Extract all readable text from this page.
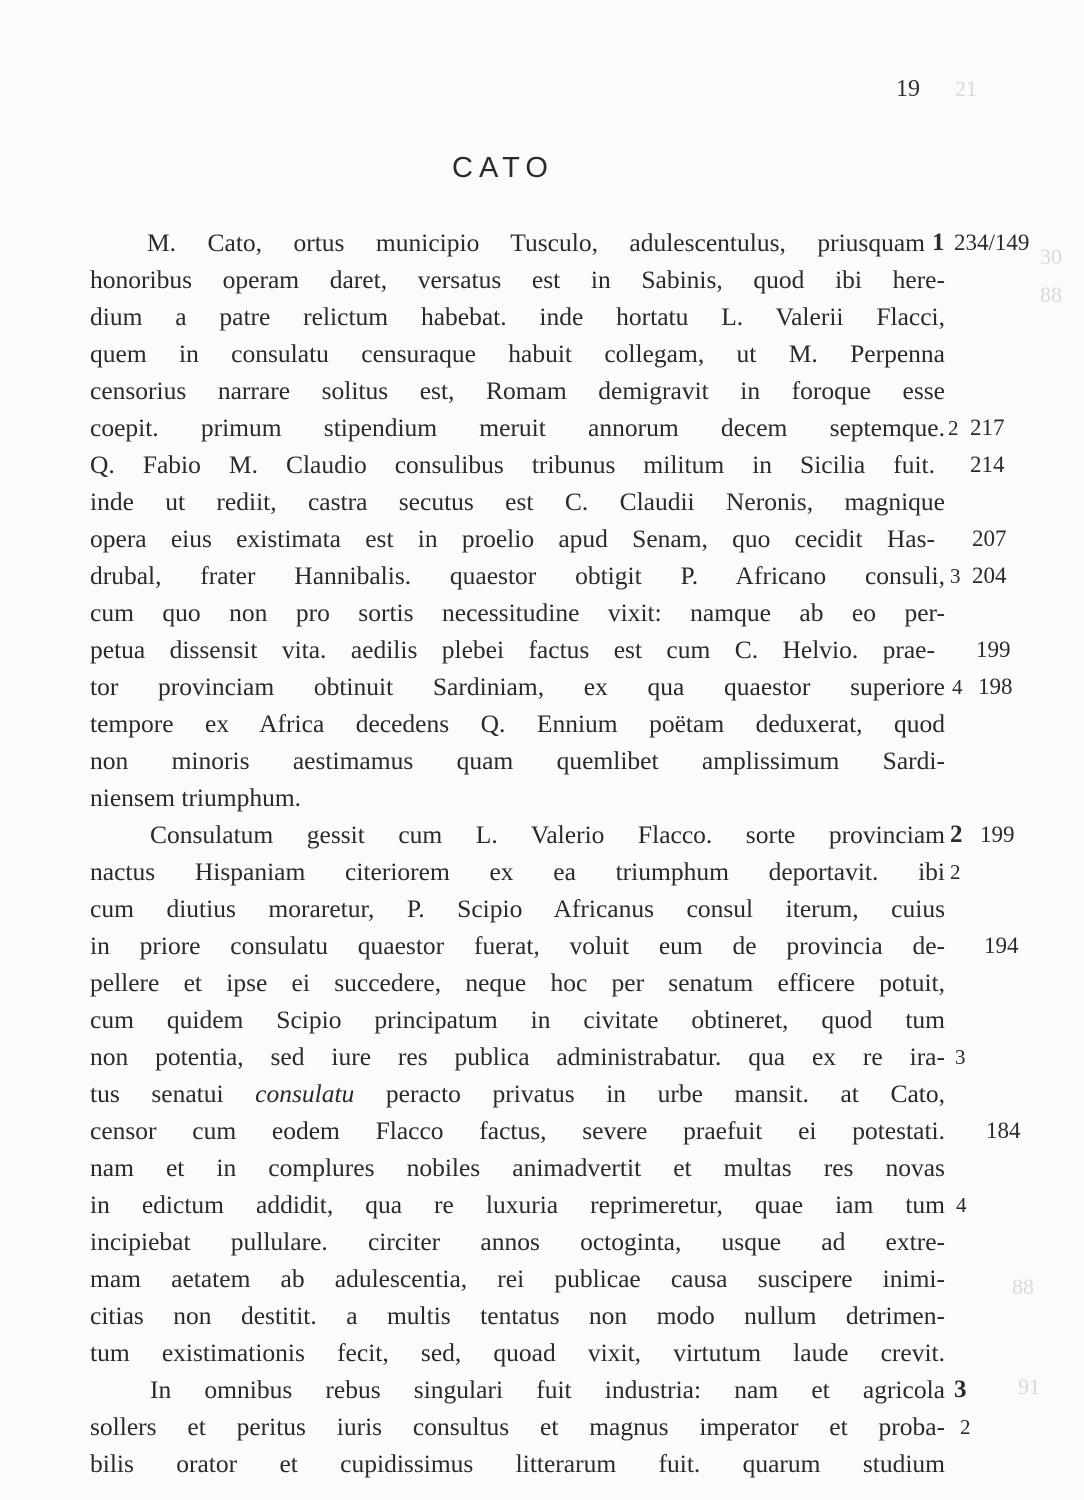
21
30
88
88
91
19
CATO
M. Cato, ortus municipio Tusculo, adulescentulus, priusquam
honoribus operam daret, versatus est in Sabinis, quod ibi here-
dium a patre relictum habebat. inde hortatu L. Valerii Flacci,
quem in consulatu censuraque habuit collegam, ut M. Perpenna
censorius narrare solitus est, Romam demigravit in foroque esse
coepit. primum stipendium meruit annorum decem septemque.
Q. Fabio M. Claudio consulibus tribunus militum in Sicilia fuit.
inde ut rediit, castra secutus est C. Claudii Neronis, magnique
opera eius existimata est in proelio apud Senam, quo cecidit Has-
drubal, frater Hannibalis. quaestor obtigit P. Africano consuli,
cum quo non pro sortis necessitudine vixit: namque ab eo per-
petua dissensit vita. aedilis plebei factus est cum C. Helvio. prae-
tor provinciam obtinuit Sardiniam, ex qua quaestor superiore
tempore ex Africa decedens Q. Ennium poëtam deduxerat, quod
non minoris aestimamus quam quemlibet amplissimum Sardi-
niensem triumphum.
Consulatum gessit cum L. Valerio Flacco. sorte provinciam
nactus Hispaniam citeriorem ex ea triumphum deportavit. ibi
cum diutius moraretur, P. Scipio Africanus consul iterum, cuius
in priore consulatu quaestor fuerat, voluit eum de provincia de-
pellere et ipse ei succedere, neque hoc per senatum efficere potuit,
cum quidem Scipio principatum in civitate obtineret, quod tum
non potentia, sed iure res publica administrabatur. qua ex re ira-
tus senatui consulatu peracto privatus in urbe mansit. at Cato,
censor cum eodem Flacco factus, severe praefuit ei potestati.
nam et in complures nobiles animadvertit et multas res novas
in edictum addidit, qua re luxuria reprimeretur, quae iam tum
incipiebat pullulare. circiter annos octoginta, usque ad extre-
mam aetatem ab adulescentia, rei publicae causa suscipere inimi-
citias non destitit. a multis tentatus non modo nullum detrimen-
tum existimationis fecit, sed, quoad vixit, virtutum laude crevit.
In omnibus rebus singulari fuit industria: nam et agricola
sollers et peritus iuris consultus et magnus imperator et proba-
bilis orator et cupidissimus litterarum fuit. quarum studium
1
2
3
2
3
4
2
3
4
2
234/149
217
214
207
204
199
198
199
194
184
